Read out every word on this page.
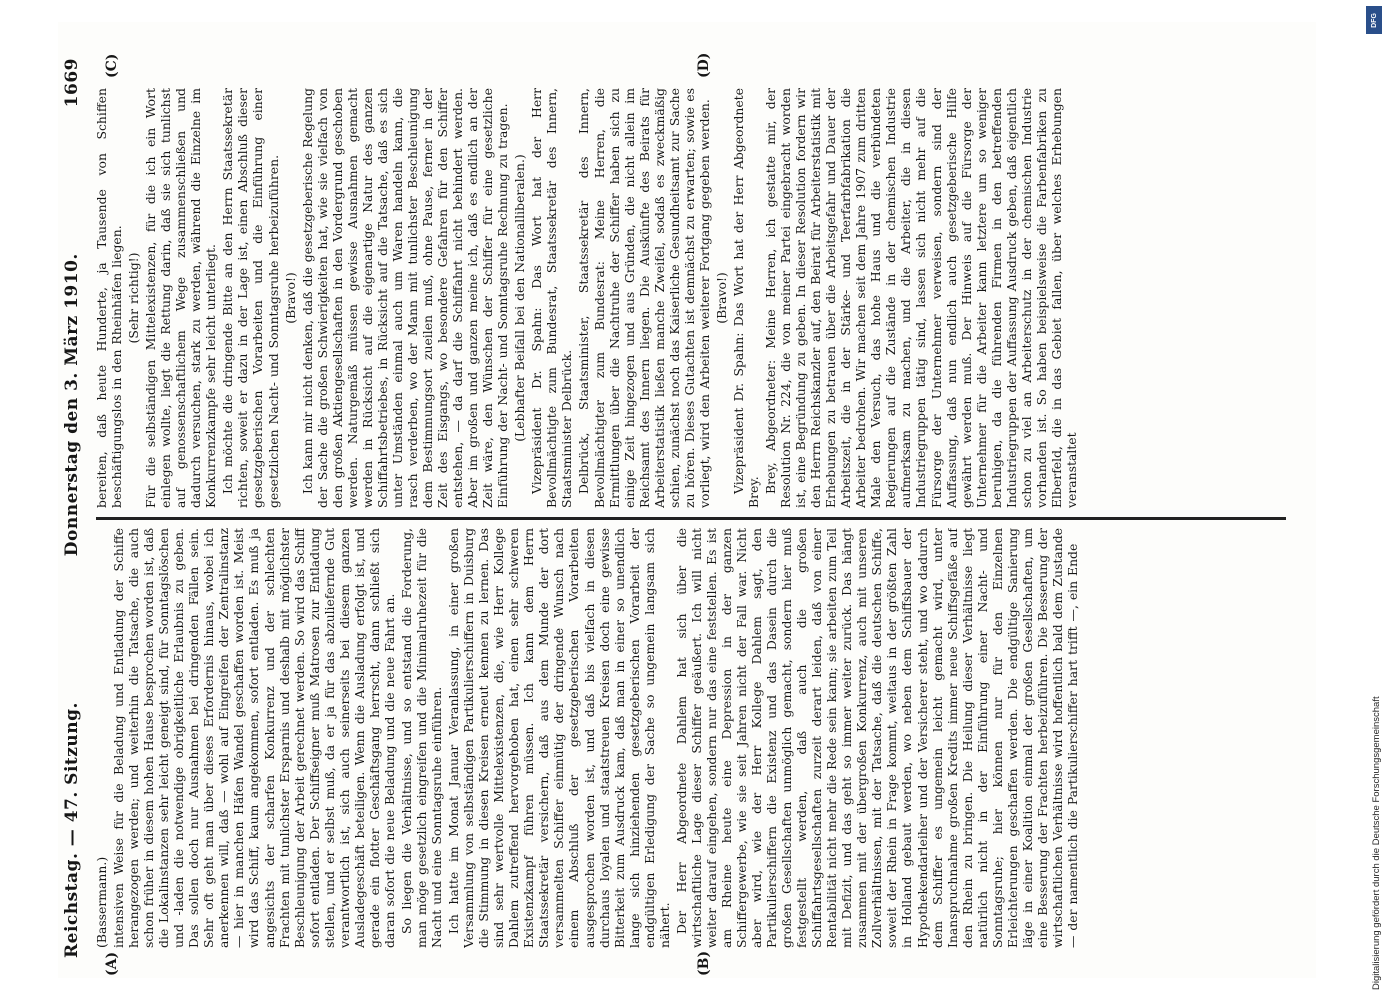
Reichstag. — 47. Sitzung.
Donnerstag den 3. März 1910.
1669

(Bassermann.) intensiven Weise für die Beladung und Entladung der Schiffe herangezogen werden; und weiterhin die Tatsache, die auch schon früher in diesem hohen Hause besprochen worden ist, daß die Lokalinstanzen sehr leicht geneigt sind, für Sonntagslöschen und -laden die notwendige obrigkeitliche Erlaubnis zu geben. Das sollen doch nur Ausnahmen bei dringenden Fällen sein. Sehr oft geht man über dieses Erfordernis hinaus, wobei ich anerkennen will, daß — wohl auf Eingreifen der Zentralinstanz — hier in manchen Häfen Wandel geschaffen worden ist. Meist wird das Schiff, kaum angekommen, sofort entladen. Es muß ja angesichts der scharfen Konkurrenz und der schlechten Frachten mit tunlichster Ersparnis und deshalb mit möglichster Beschleunigung der Arbeit gerechnet werden. So wird das Schiff sofort entladen. Der Schiffseigner muß Matrosen zur Entladung stellen, und er selbst muß, da er ja für das abzuliefernde Gut verantwortlich ist, sich auch seinerseits bei diesem ganzen Ausladegeschäft beteiligen. Wenn die Ausladung erfolgt ist, und gerade ein flotter Geschäftsgang herrscht, dann schließt sich daran sofort die neue Beladung und die neue Fahrt an. So liegen die Verhältnisse, und so entstand die Forderung, man möge gesetzlich eingreifen und die Minimalruhezeit für die Nacht und eine Sonntagsruhe einführen. Ich hatte im Monat Januar Veranlassung, in einer großen Versammlung von selbständigen Partikulierschiffern in Duisburg die Stimmung in diesen Kreisen erneut kennen zu lernen. Das sind sehr wertvolle Mittelexistenzen, die, wie Herr Kollege Dahlem zutreffend hervorgehoben hat, einen sehr schweren Existenzkampf führen müssen. Ich kann dem Herrn Staatssekretär versichern, daß aus dem Munde der dort versammelten Schiffer einmütig der dringende Wunsch nach einem Abschluß der gesetzgeberischen Vorarbeiten ausgesprochen worden ist, und daß bis vielfach in diesen durchaus loyalen und staatstreuen Kreisen doch eine gewisse Bitterkeit zum Ausdruck kam, daß man in einer so unendlich lange sich hinziehenden gesetzgeberischen Vorarbeit der endgültigen Erledigung der Sache so ungemein langsam sich nähert. Der Herr Abgeordnete Dahlem hat sich über die wirtschaftliche Lage dieser Schiffer geäußert. Ich will nicht weiter darauf eingehen, sondern nur das eine feststellen. Es ist am Rheine heute eine Depression in der ganzen Schiffergewerbe, wie sie seit Jahren nicht der Fall war. Nicht aber wird, wie der Herr Kollege Dahlem sagt, den Partikulierschiffern die Existenz und das Dasein durch die großen Gesellschaften unmöglich gemacht, sondern hier muß festgestellt werden, daß auch die großen Schiffahrtsgesellschaften zurzeit derart leiden, daß von einer Rentabilität nicht mehr die Rede sein kann; sie arbeiten zum Teil mit Defizit, und das geht so immer weiter zurück. Das hängt zusammen mit der übergroßen Konkurrenz, auch mit unseren Zollverhältnissen, mit der Tatsache, daß die deutschen Schiffe, soweit der Rhein in Frage kommt, weitaus in der größten Zahl in Holland gebaut werden, wo neben dem Schiffsbauer der Hypothekendarleiher und der Versicherer steht, und wo dadurch dem Schiffer es ungemein leicht gemacht wird, unter Inanspruchnahme großen Kredits immer neue Schiffsgefäße auf den Rhein zu bringen. Die Heilung dieser Verhältnisse liegt natürlich nicht in der Einführung einer Nacht- und Sonntagsruhe; hier können nur für den Einzelnen Erleichterungen geschaffen werden. Die endgültige Sanierung läge in einer Koalition einmal der großen Gesellschaften, um eine Besserung der Frachten herbeizuführen. Die Besserung der wirtschaftlichen Verhältnisse wird hoffentlich bald dem Zustande — der namentlich die Partikulierschiffer hart trifft —, ein Ende

bereiten, daß heute Hunderte, ja Tausende von Schiffen beschäftigungslos in den Rheinhäfen liegen. (Sehr richtig!) Für die selbständigen Mittelexistenzen, für die ich ein Wort einlegen wollte, liegt die Rettung darin, daß sie sich tunlichst auf genossenschaftlichem Wege zusammenschließen und dadurch versuchen, stark zu werden, während die Einzelne im Konkurrenzkampfe sehr leicht unterliegt. Ich möchte die dringende Bitte an den Herrn Staatssekretär richten, soweit er dazu in der Lage ist, einen Abschluß dieser gesetzgeberischen Vorarbeiten und die Einführung einer gesetzlichen Nacht- und Sonntagsruhe herbeizuführen. (Bravo!) Ich kann mir nicht denken, daß die gesetzgeberische Regelung der Sache die großen Schwierigkeiten hat, wie sie vielfach von den großen Aktiengesellschaften in den Vordergrund geschoben werden. Naturgemäß müssen gewisse Ausnahmen gemacht werden in Rücksicht auf die eigenartige Natur des ganzen Schiffahrtsbetriebes, in Rücksicht auf die Tatsache, daß es sich unter Umständen einmal auch um Waren handeln kann, die rasch verderben, wo der Mann mit tunlichster Beschleunigung dem Bestimmungsort zueilen muß, ohne Pause, ferner in der Zeit des Eisgangs, wo besondere Gefahren für den Schiffer entstehen, — da darf die Schiffahrt nicht behindert werden. Aber im großen und ganzen meine ich, daß es endlich an der Zeit wäre, den Wünschen der Schiffer für eine gesetzliche Einführung der Nacht- und Sonntagsruhe Rechnung zu tragen. (Lebhafter Beifall bei den Nationalliberalen.) Vizepräsident Dr. Spahn: Das Wort hat der Herr Bevollmächtigte zum Bundesrat, Staatssekretär des Innern, Staatsminister Delbrück. Delbrück, Staatsminister, Staatssekretär des Innern, Bevollmächtigter zum Bundesrat: Meine Herren, die Ermittlungen über die Nachtruhe der Schiffer haben sich zu einige Zeit hingezogen und aus Gründen, die nicht allein im Reichsamt des Innern liegen. Die Auskünfte des Beirats für Arbeiterstatistik ließen manche Zweifel, sodaß es zweckmäßig schien, zunächst noch das Kaiserliche Gesundheitsamt zur Sache zu hören. Dieses Gutachten ist demnächst zu erwarten; sowie es vorliegt, wird den Arbeiten weiterer Fortgang gegeben werden. (Bravo!) Vizepräsident Dr. Spahn: Das Wort hat der Herr Abgeordnete Brey. Brey, Abgeordneter: Meine Herren, ich gestatte mir, der Resolution Nr. 224, die von meiner Partei eingebracht worden ist, eine Begründung zu geben. In dieser Resolution fordern wir den Herrn Reichskanzler auf, den Beirat für Arbeiterstatistik mit Erhebungen zu betrauen über die Arbeitsgefahr und Dauer der Arbeitszeit, die in der Stärke- und Teerfarbfabrikation die Arbeiter bedrohen. Wir machen seit dem Jahre 1907 zum dritten Male den Versuch, das hohe Haus und die verbündeten Regierungen auf die Zustände in der chemischen Industrie aufmerksam zu machen, und die Arbeiter, die in diesen Industriegruppen tätig sind, lassen sich nicht mehr auf die Fürsorge der Unternehmer verweisen, sondern sind der Auffassung, daß nun endlich auch gesetzgeberische Hilfe gewährt werden muß. Der Hinweis auf die Fürsorge der Unternehmer für die Arbeiter kann letztere um so weniger beruhigen, da die führenden Firmen in den betreffenden Industriegruppen der Auffassung Ausdruck geben, daß eigentlich schon zu viel an Arbeiterschutz in der chemischen Industrie vorhanden ist. So haben beispielsweise die Farbenfabriken zu Elberfeld, die in das Gebiet fallen, über welches Erhebungen veranstaltet

(A)	(B)
(C)	(D)
DFG
Digitalisierung gefördert durch die Deutsche Forschungsgemeinschaft
